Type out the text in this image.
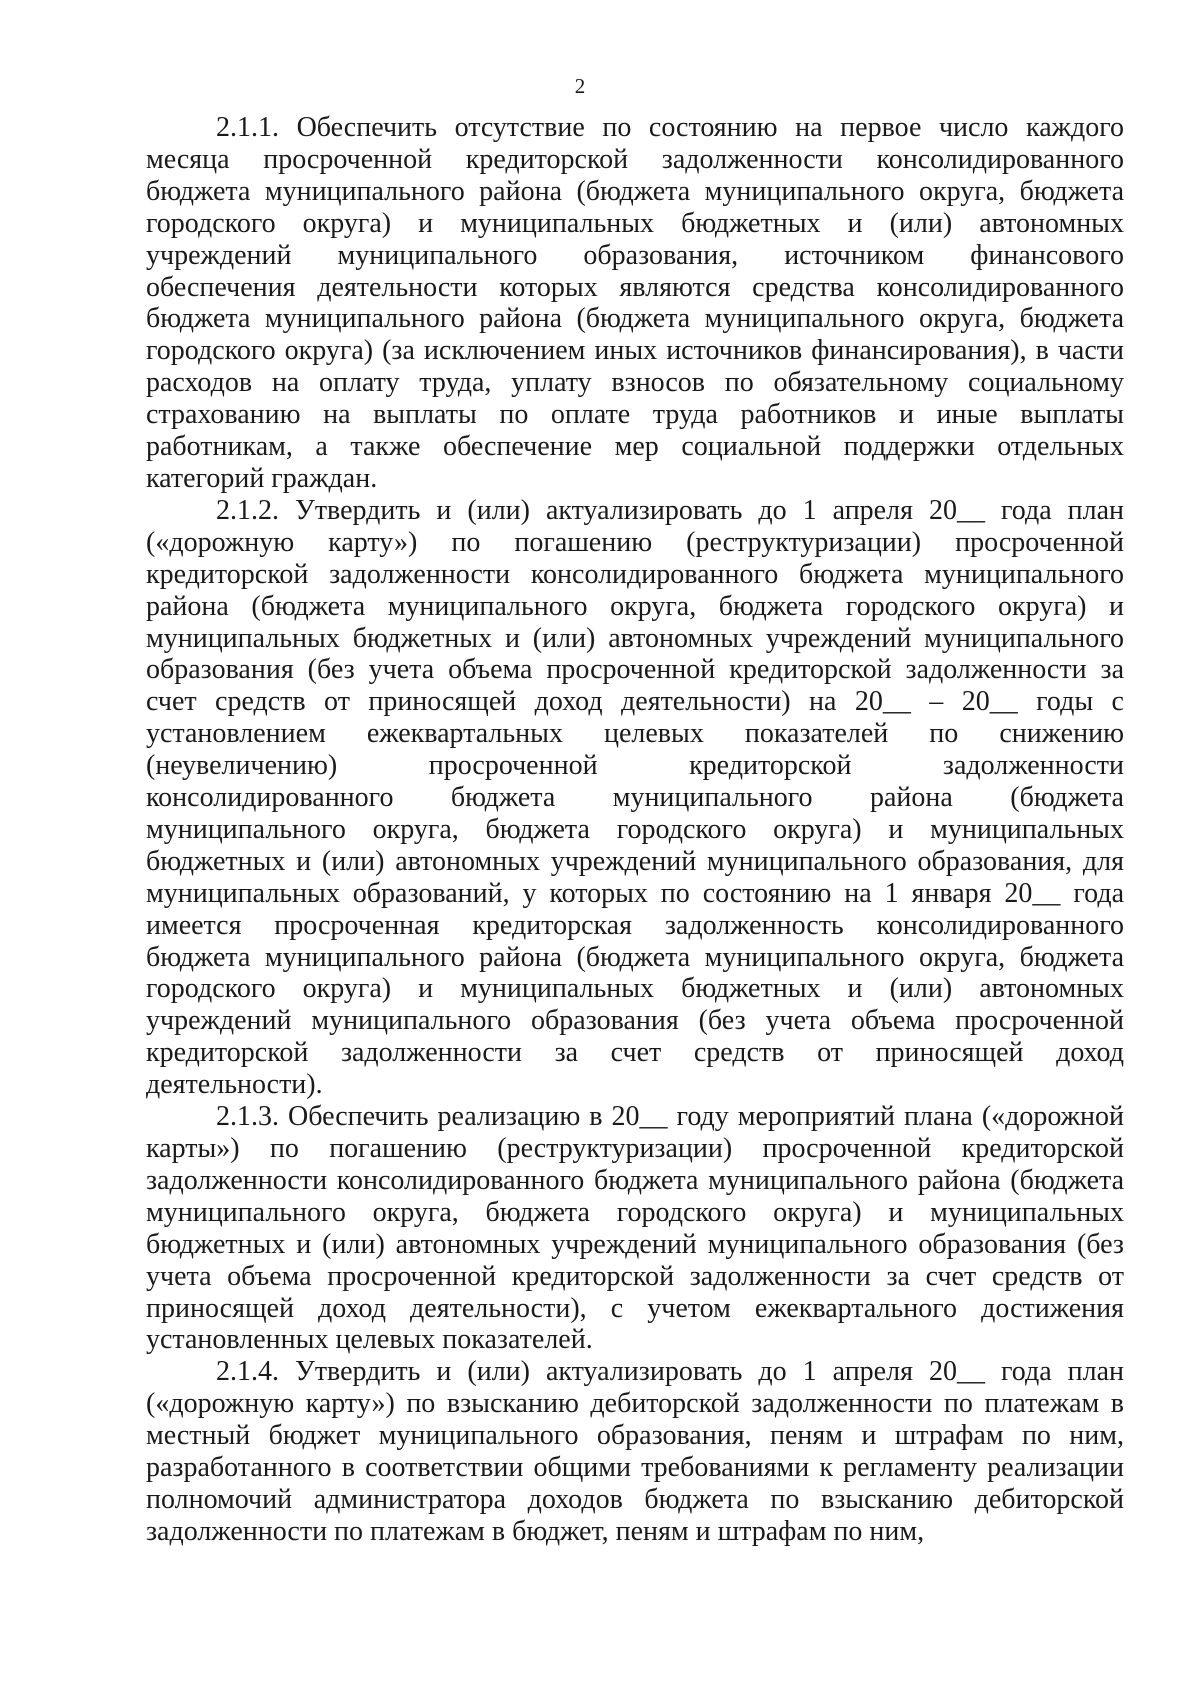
2

2.1.1. Обеспечить отсутствие по состоянию на первое число каждого месяца просроченной кредиторской задолженности консолидированного бюджета муниципального района (бюджета муниципального округа, бюджета городского округа) и муниципальных бюджетных и (или) автономных учреждений муниципального образования, источником финансового обеспечения деятельности которых являются средства консолидированного бюджета муниципального района (бюджета муниципального округа, бюджета городского округа) (за исключением иных источников финансирования), в части расходов на оплату труда, уплату взносов по обязательному социальному страхованию на выплаты по оплате труда работников и иные выплаты работникам, а также обеспечение мер социальной поддержки отдельных категорий граждан.

2.1.2. Утвердить и (или) актуализировать до 1 апреля 20__ года план («дорожную карту») по погашению (реструктуризации) просроченной кредиторской задолженности консолидированного бюджета муниципального района (бюджета муниципального округа, бюджета городского округа) и муниципальных бюджетных и (или) автономных учреждений муниципального образования (без учета объема просроченной кредиторской задолженности за счет средств от приносящей доход деятельности) на 20__ – 20__ годы с установлением ежеквартальных целевых показателей по снижению (неувеличению) просроченной кредиторской задолженности консолидированного бюджета муниципального района (бюджета муниципального округа, бюджета городского округа) и муниципальных бюджетных и (или) автономных учреждений муниципального образования, для муниципальных образований, у которых по состоянию на 1 января 20__ года имеется просроченная кредиторская задолженность консолидированного бюджета муниципального района (бюджета муниципального округа, бюджета городского округа) и муниципальных бюджетных и (или) автономных учреждений муниципального образования (без учета объема просроченной кредиторской задолженности за счет средств от приносящей доход деятельности).

2.1.3. Обеспечить реализацию в 20__ году мероприятий плана («дорожной карты») по погашению (реструктуризации) просроченной кредиторской задолженности консолидированного бюджета муниципального района (бюджета муниципального округа, бюджета городского округа) и муниципальных бюджетных и (или) автономных учреждений муниципального образования (без учета объема просроченной кредиторской задолженности за счет средств от приносящей доход деятельности), с учетом ежеквартального достижения установленных целевых показателей.

2.1.4. Утвердить и (или) актуализировать до 1 апреля 20__ года план («дорожную карту») по взысканию дебиторской задолженности по платежам в местный бюджет муниципального образования, пеням и штрафам по ним, разработанного в соответствии общими требованиями к регламенту реализации полномочий администратора доходов бюджета по взысканию дебиторской задолженности по платежам в бюджет, пеням и штрафам по ним,
